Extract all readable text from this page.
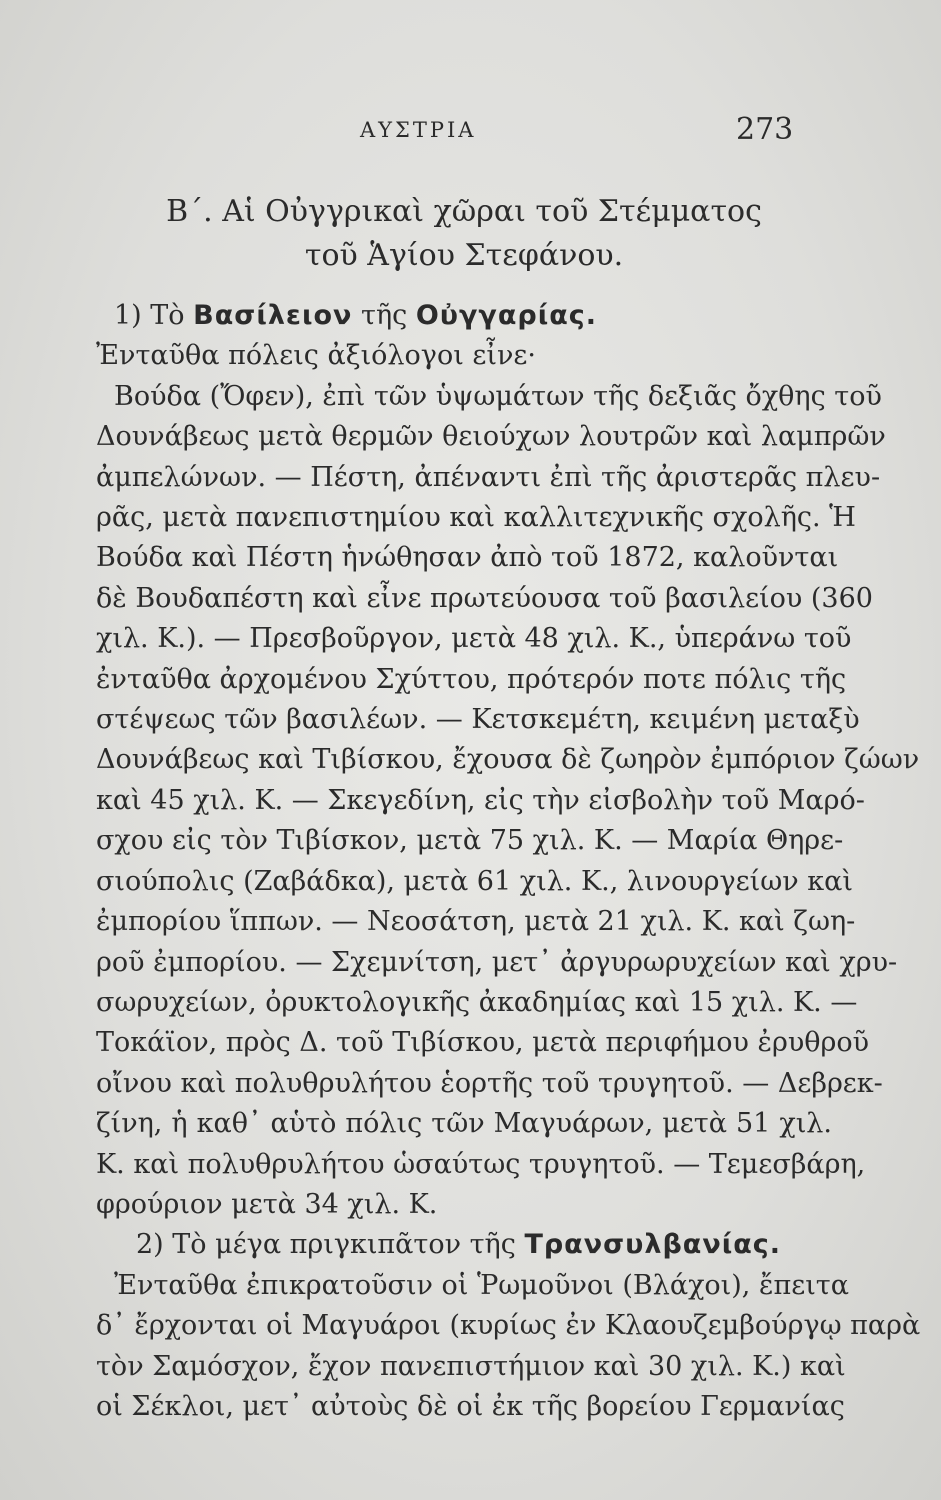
ΑΥΣΤΡΙΑ	273

Β΄. Αἱ Οὐγγρικαὶ χῶραι τοῦ Στέμματος

τοῦ Ἁγίου Στεφάνου.

1) Τὸ Βασίλειον τῆς Οὐγγαρίας.
Ἐνταῦθα πόλεις ἀξιόλογοι εἶνε·
Βούδα (Ὄφεν), ἐπὶ τῶν ὑψωμάτων τῆς δεξιᾶς ὄχθης τοῦ
Δουνάβεως μετὰ θερμῶν θειούχων λουτρῶν καὶ λαμπρῶν
ἀμπελώνων. — Πέστη, ἀπέναντι ἐπὶ τῆς ἀριστερᾶς πλευ-
ρᾶς, μετὰ πανεπιστημίου καὶ καλλιτεχνικῆς σχολῆς. Ἡ
Βούδα καὶ Πέστη ἡνώθησαν ἀπὸ τοῦ 1872, καλοῦνται
δὲ Βουδαπέστη καὶ εἶνε πρωτεύουσα τοῦ βασιλείου (360
χιλ. Κ.). — Πρεσβοῦργον, μετὰ 48 χιλ. Κ., ὑπεράνω τοῦ
ἐνταῦθα ἀρχομένου Σχύττου, πρότερόν ποτε πόλις τῆς
στέψεως τῶν βασιλέων. — Κετσκεμέτη, κειμένη μεταξὺ
Δουνάβεως καὶ Τιβίσκου, ἔχουσα δὲ ζωηρὸν ἐμπόριον ζώων
καὶ 45 χιλ. Κ. — Σκεγεδίνη, εἰς τὴν εἰσβολὴν τοῦ Μαρό-
σχου εἰς τὸν Τιβίσκον, μετὰ 75 χιλ. Κ. — Μαρία Θηρε-
σιούπολις (Ζαβάδκα), μετὰ 61 χιλ. Κ., λινουργείων καὶ
ἐμπορίου ἵππων. — Νεοσάτση, μετὰ 21 χιλ. Κ. καὶ ζωη-
ροῦ ἐμπορίου. — Σχεμνίτση, μετ᾽ ἀργυρωρυχείων καὶ χρυ-
σωρυχείων, ὀρυκτολογικῆς ἀκαδημίας καὶ 15 χιλ. Κ. —
Τοκάϊον, πρὸς Δ. τοῦ Τιβίσκου, μετὰ περιφήμου ἐρυθροῦ
οἴνου καὶ πολυθρυλήτου ἑορτῆς τοῦ τρυγητοῦ. — Δεβρεκ-
ζίνη, ἡ καθ᾽ αὑτὸ πόλις τῶν Μαγυάρων, μετὰ 51 χιλ.
Κ. καὶ πολυθρυλήτου ὡσαύτως τρυγητοῦ. — Τεμεσβάρη,
φρούριον μετὰ 34 χιλ. Κ.
2) Τὸ μέγα πριγκιπᾶτον τῆς Τρανσυλβανίας.
Ἐνταῦθα ἐπικρατοῦσιν οἱ Ῥωμοῦνοι (Βλάχοι), ἔπειτα
δ᾽ ἔρχονται οἱ Μαγυάροι (κυρίως ἐν Κλαουζεμβούργῳ παρὰ
τὸν Σαμόσχον, ἔχον πανεπιστήμιον καὶ 30 χιλ. Κ.) καὶ
οἱ Σέκλοι, μετ᾽ αὐτοὺς δὲ οἱ ἐκ τῆς βορείου Γερμανίας
